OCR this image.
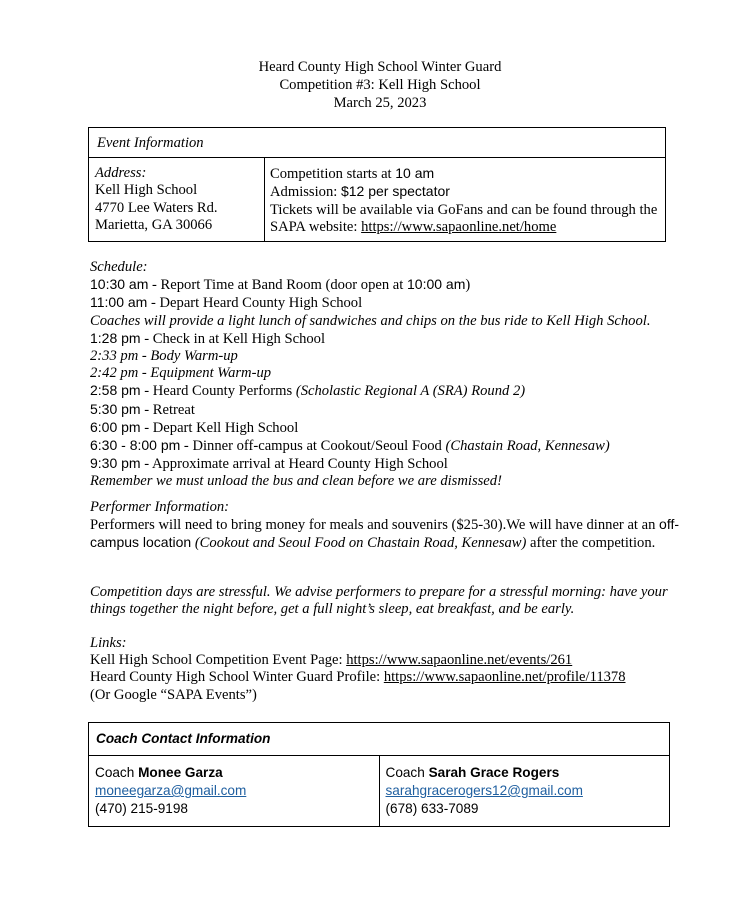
Heard County High School Winter Guard
Competition #3: Kell High School
March 25, 2023
Event Information

Address:
Kell High School
4770 Lee Waters Rd.
Marietta, GA 30066

Competition starts at 10 am
Admission: $12 per spectator
Tickets will be available via GoFans and can be found through the
SAPA website: https://www.sapaonline.net/home
Schedule:
10:30 am - Report Time at Band Room (door open at 10:00 am)
11:00 am - Depart Heard County High School
Coaches will provide a light lunch of sandwiches and chips on the bus ride to Kell High School.
1:28 pm - Check in at Kell High School
2:33 pm - Body Warm-up
2:42 pm - Equipment Warm-up
2:58 pm - Heard County Performs (Scholastic Regional A (SRA) Round 2)
5:30 pm - Retreat
6:00 pm - Depart Kell High School
6:30 - 8:00 pm - Dinner off-campus at Cookout/Seoul Food (Chastain Road, Kennesaw)
9:30 pm - Approximate arrival at Heard County High School
Remember we must unload the bus and clean before we are dismissed!
Performer Information:
Performers will need to bring money for meals and souvenirs ($25-30).We will have dinner at an off-campus location (Cookout and Seoul Food on Chastain Road, Kennesaw) after the competition.
Competition days are stressful. We advise performers to prepare for a stressful morning: have your things together the night before, get a full night’s sleep, eat breakfast, and be early.
Links:
Kell High School Competition Event Page: https://www.sapaonline.net/events/261
Heard County High School Winter Guard Profile: https://www.sapaonline.net/profile/11378
(Or Google “SAPA Events”)
Coach Contact Information

Coach Monee Garza
moneegarza@gmail.com
(470) 215-9198

Coach Sarah Grace Rogers
sarahgracerogers12@gmail.com
(678) 633-7089
